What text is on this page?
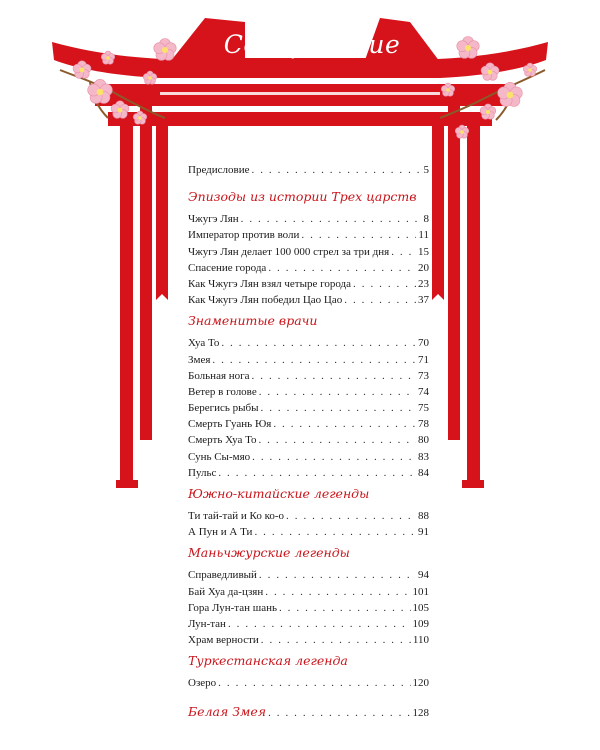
Содержание
Предисловие . . .	5
Эпизоды из истории Трех царств
Чжугэ Лян . . .	8
Император против воли . . .	11
Чжугэ Лян делает 100 000 стрел за три дня . . .	15
Спасение города . . .	20
Как Чжугэ Лян взял четыре города . . .	23
Как Чжугэ Лян победил Цао Цао . . .	37
Знаменитые врачи
Хуа То . . .	70
Змея . . .	71
Больная нога . . .	73
Ветер в голове . . .	74
Берегись рыбы . . .	75
Смерть Гуань Юя . . .	78
Смерть Хуа То . . .	80
Сунь Сы-мяо . . .	83
Пульс . . .	84
Южно-китайские легенды
Ти тай-тай и Ко ко-о . . .	88
А Пун и А Ти . . .	91
Маньчжурские легенды
Справедливый . . .	94
Бай Хуа да-цзян . . .	101
Гора Лун-тан шань . . .	105
Лун-тан . . .	109
Храм верности . . .	110
Туркестанская легенда
Озеро . . .	120
Белая Змея . . .	128
